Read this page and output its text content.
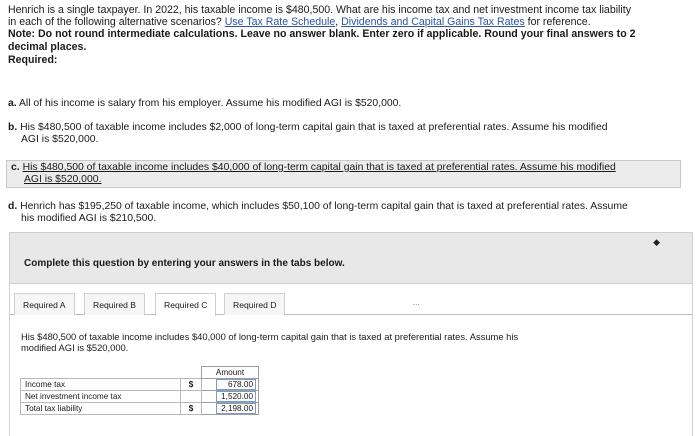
Henrich is a single taxpayer. In 2022, his taxable income is $480,500. What are his income tax and net investment income tax liability
in each of the following alternative scenarios? Use Tax Rate Schedule, Dividends and Capital Gains Tax Rates for reference.
Note: Do not round intermediate calculations. Leave no answer blank. Enter zero if applicable. Round your final answers to 2
decimal places.
Required:
a. All of his income is salary from his employer. Assume his modified AGI is $520,000.
b. His $480,500 of taxable income includes $2,000 of long-term capital gain that is taxed at preferential rates. Assume his modified
AGI is $520,000.
c. His $480,500 of taxable income includes $40,000 of long-term capital gain that is taxed at preferential rates. Assume his modified
AGI is $520,000.
d. Henrich has $195,250 of taxable income, which includes $50,100 of long-term capital gain that is taxed at preferential rates. Assume
his modified AGI is $210,500.
Complete this question by entering your answers in the tabs below.
◆
Required A	Required B	Required C	Required D	...
His $480,500 of taxable income includes $40,000 of long-term capital gain that is taxed at preferential rates. Assume his
modified AGI is $520,000.
		Amount
Income tax	$	678.00
Net investment income tax		1,520.00
Total tax liability	$	2,198.00
